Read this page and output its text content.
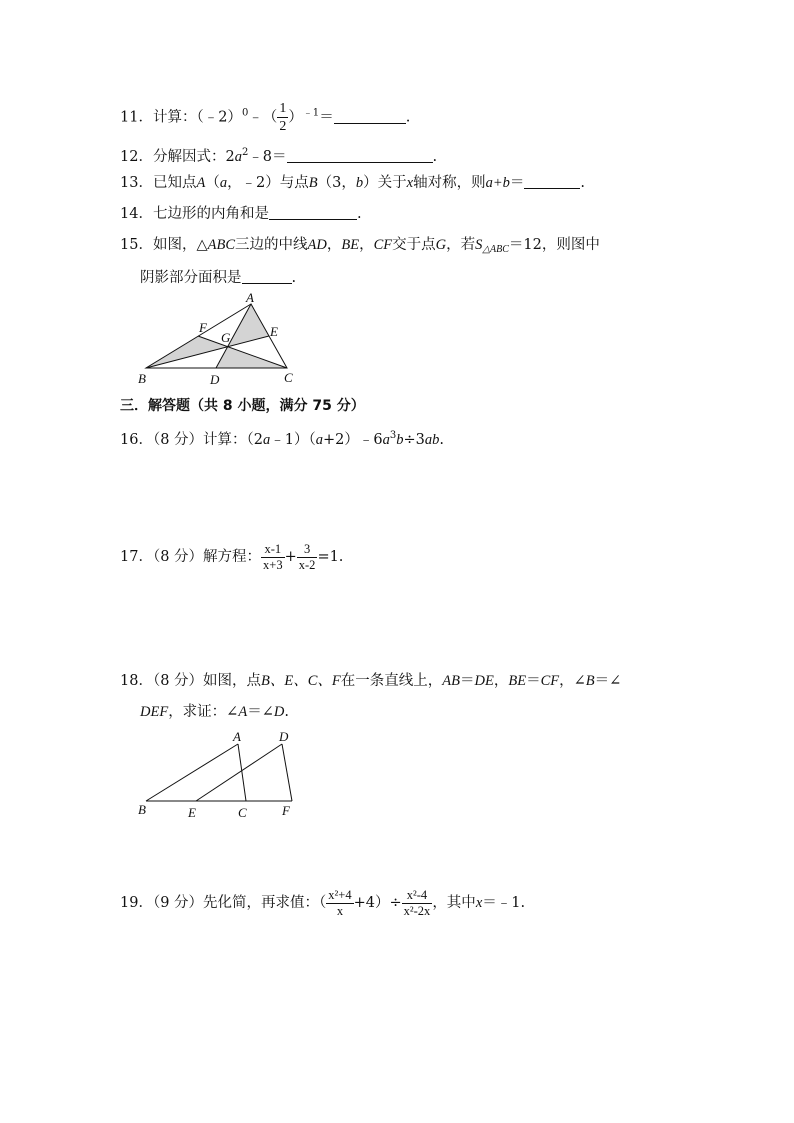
11．计算：（﹣2）$^0$﹣（ $\frac{1}{2} )^{﹣1}=$	.
12．分解因式：$2a^2﹣8=$	.
13．已知点A（a，﹣2）与点B（3，b）关于x轴对称，则a+b＝	.
14．七边形的内角和是	.
15．如图，△ABC三边的中线AD，BE，CF交于点G，若$S_{\triangle ABC}=12$，则图中
阴影部分面积是	.
A
B	C
D
E
F
G
三．解答题（共 8 小题，满分 75 分）
16．（8 分）计算：$(2a﹣1)(a+2)﹣6a^3b\div 3ab$.
17．（8 分）解方程： $\frac{x-1}{x+3} + \frac{3}{x-2} =1$.
18．（8 分）如图，点B、E、C、F在一条直线上，AB＝DE，BE＝CF，∠B＝∠
DEF，求证：∠A＝∠D.
A	D
B	E	C	F
19．（9 分）先化简，再求值：（ $\frac{\text{x²+4}}{x} +4)\div \frac{\text{x²-4}}{\text{x²-2x}}$ ，其中x＝﹣1.
